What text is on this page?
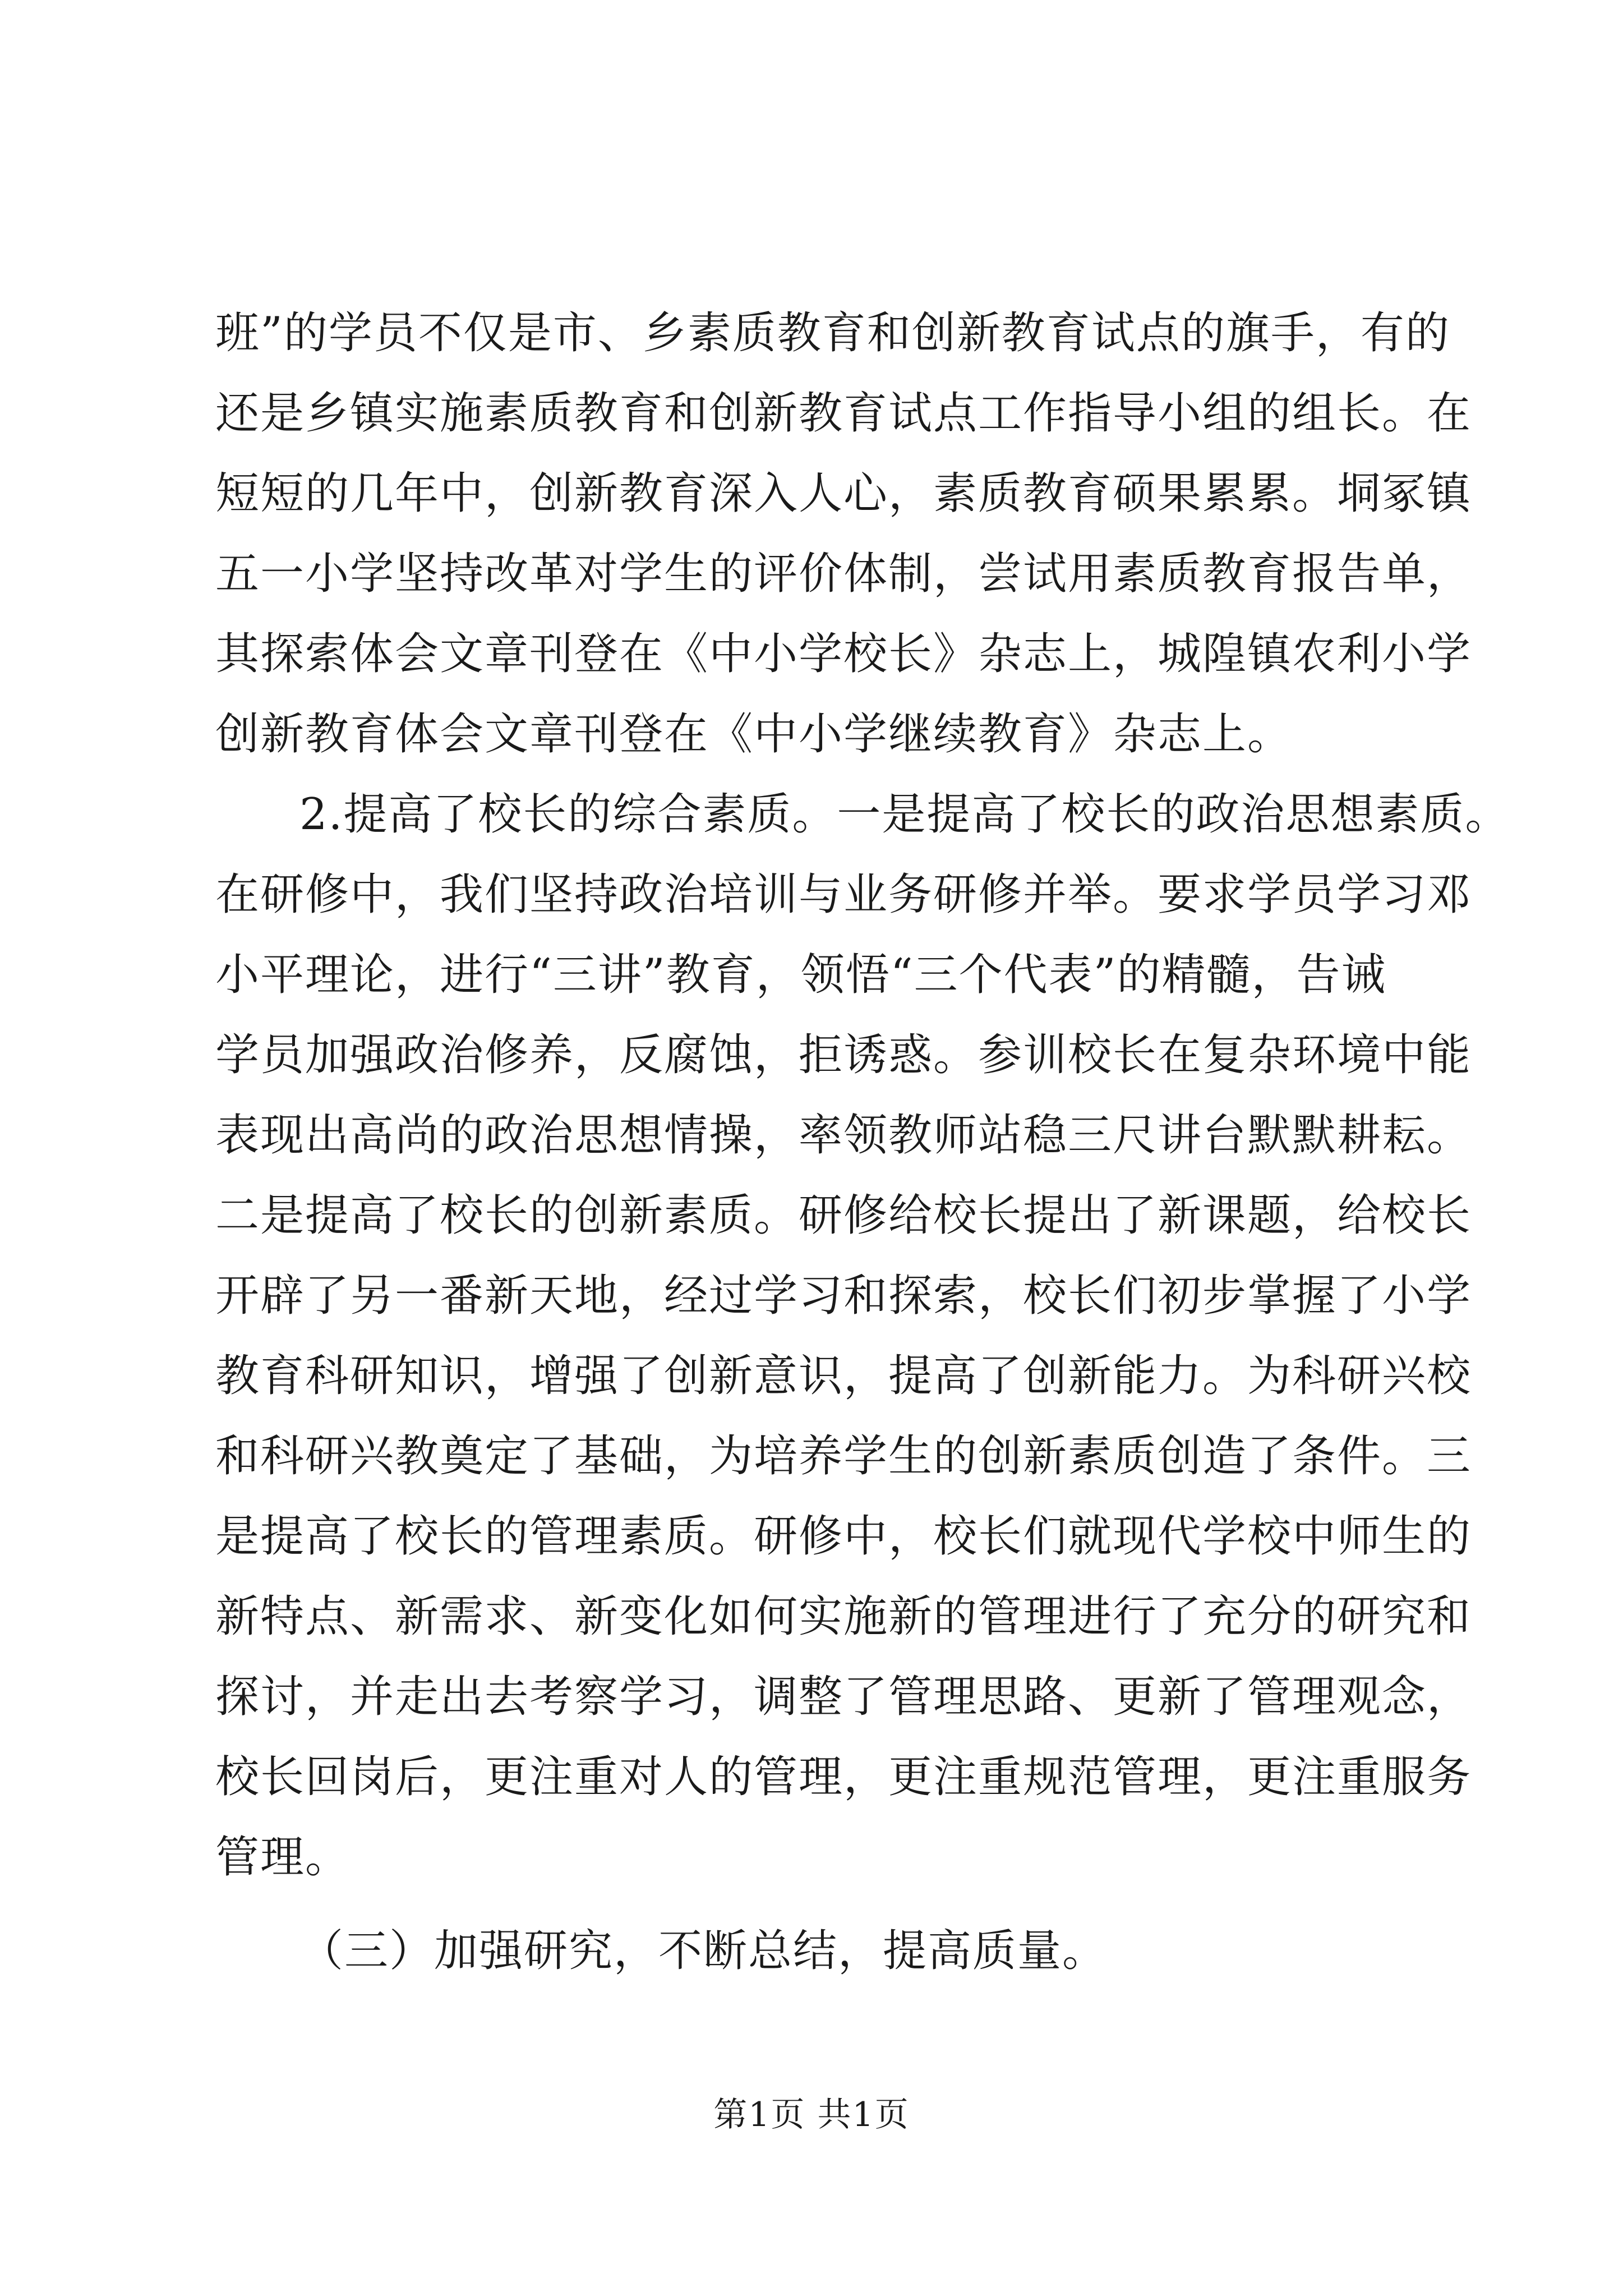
班”的学员不仅是市、乡素质教育和创新教育试点的旗手，有的
还是乡镇实施素质教育和创新教育试点工作指导小组的组长。在
短短的几年中，创新教育深入人心，素质教育硕果累累。垌冢镇
五一小学坚持改革对学生的评价体制，尝试用素质教育报告单，
其探索体会文章刊登在《中小学校长》杂志上，城隍镇农利小学
创新教育体会文章刊登在《中小学继续教育》杂志上。
2.提高了校长的综合素质。一是提高了校长的政治思想素质。
在研修中，我们坚持政治培训与业务研修并举。要求学员学习邓
小平理论，进行“三讲”教育，领悟“三个代表”的精髓，告诫
学员加强政治修养，反腐蚀，拒诱惑。参训校长在复杂环境中能
表现出高尚的政治思想情操，率领教师站稳三尺讲台默默耕耘。
二是提高了校长的创新素质。研修给校长提出了新课题，给校长
开辟了另一番新天地，经过学习和探索，校长们初步掌握了小学
教育科研知识，增强了创新意识，提高了创新能力。为科研兴校
和科研兴教奠定了基础，为培养学生的创新素质创造了条件。三
是提高了校长的管理素质。研修中，校长们就现代学校中师生的
新特点、新需求、新变化如何实施新的管理进行了充分的研究和
探讨，并走出去考察学习，调整了管理思路、更新了管理观念，
校长回岗后，更注重对人的管理，更注重规范管理，更注重服务
管理。
（三）加强研究，不断总结，提高质量。
第1页 共1页
